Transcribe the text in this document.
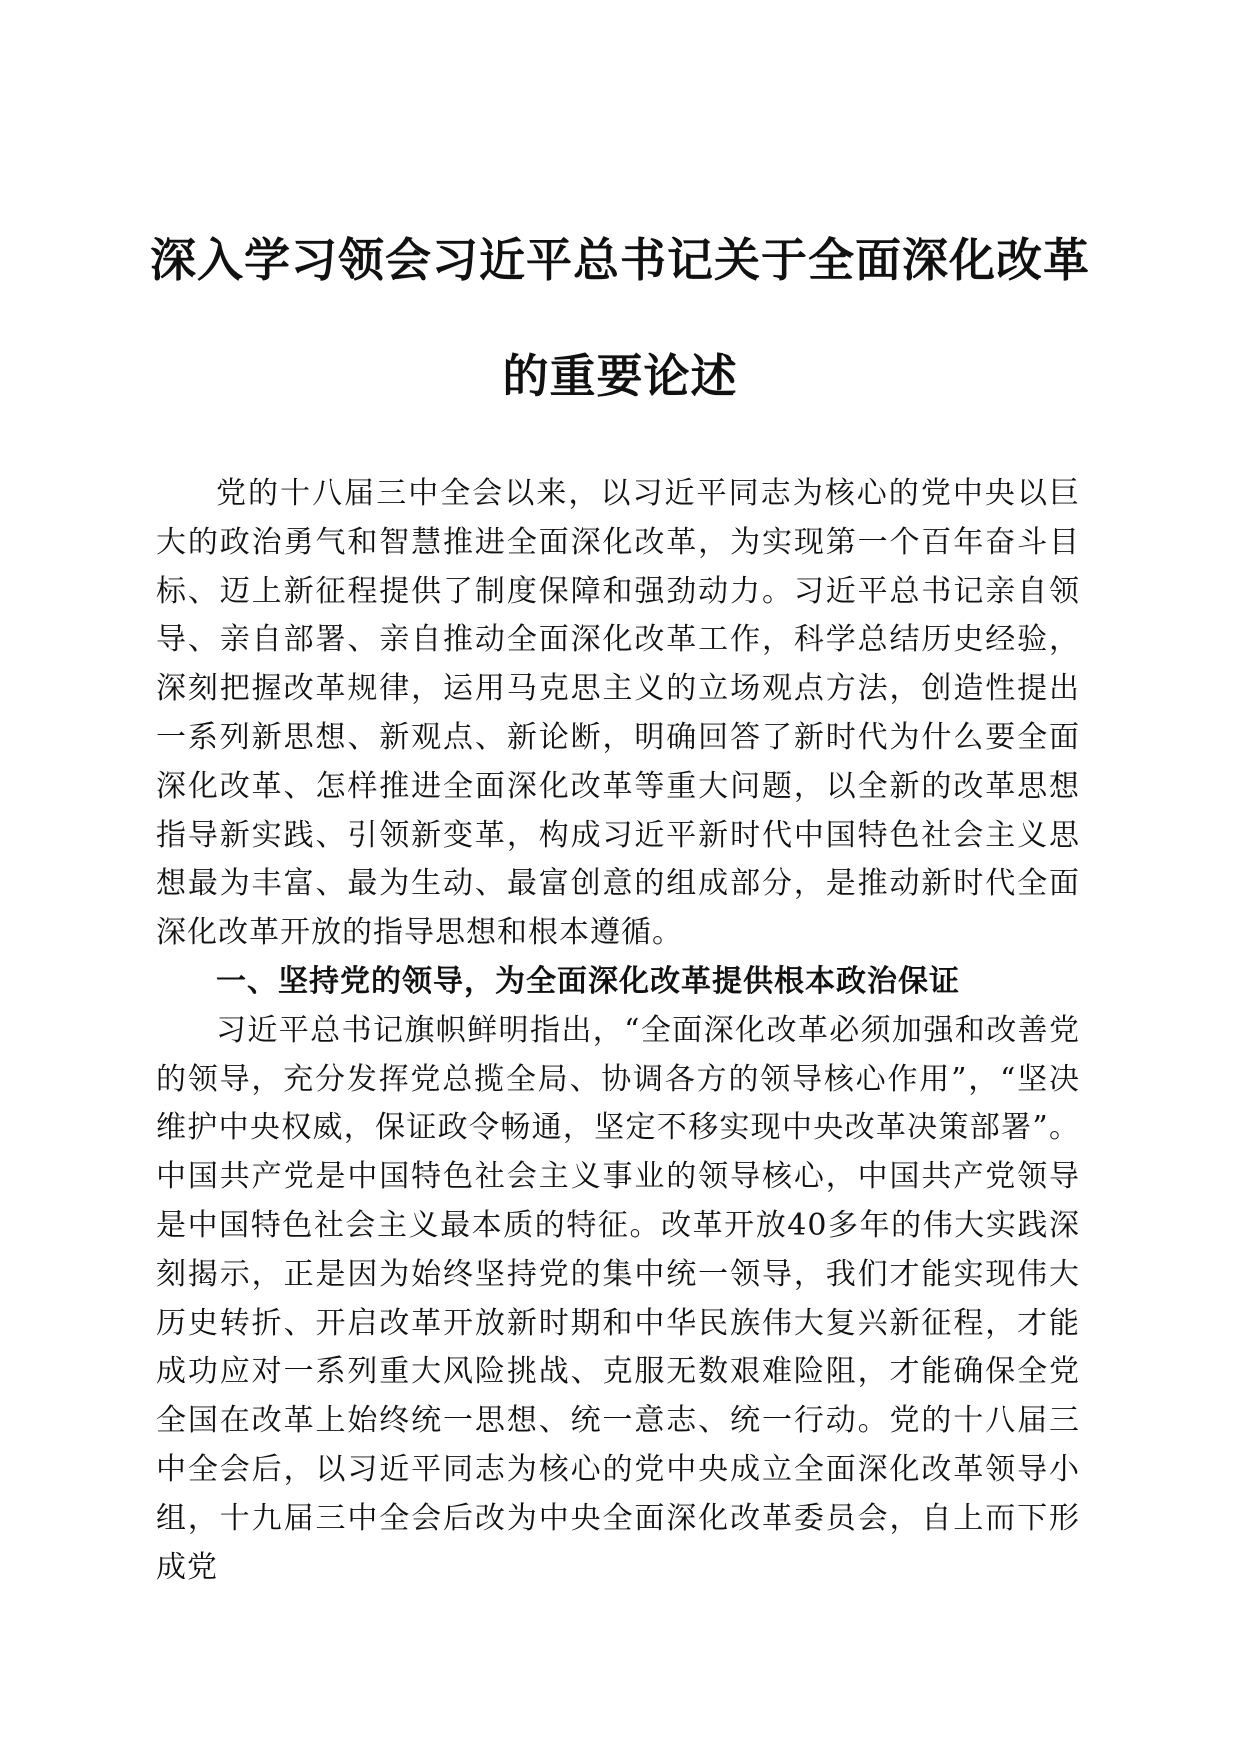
深入学习领会习近平总书记关于全面深化改革
的重要论述

党的十八届三中全会以来，以习近平同志为核心的党中央以巨大的政治勇气和智慧推进全面深化改革，为实现第一个百年奋斗目标、迈上新征程提供了制度保障和强劲动力。习近平总书记亲自领导、亲自部署、亲自推动全面深化改革工作，科学总结历史经验，深刻把握改革规律，运用马克思主义的立场观点方法，创造性提出一系列新思想、新观点、新论断，明确回答了新时代为什么要全面深化改革、怎样推进全面深化改革等重大问题，以全新的改革思想指导新实践、引领新变革，构成习近平新时代中国特色社会主义思想最为丰富、最为生动、最富创意的组成部分，是推动新时代全面深化改革开放的指导思想和根本遵循。

一、坚持党的领导，为全面深化改革提供根本政治保证

习近平总书记旗帜鲜明指出，“全面深化改革必须加强和改善党的领导，充分发挥党总揽全局、协调各方的领导核心作用”，“坚决维护中央权威，保证政令畅通，坚定不移实现中央改革决策部署”。中国共产党是中国特色社会主义事业的领导核心，中国共产党领导是中国特色社会主义最本质的特征。改革开放40多年的伟大实践深刻揭示，正是因为始终坚持党的集中统一领导，我们才能实现伟大历史转折、开启改革开放新时期和中华民族伟大复兴新征程，才能成功应对一系列重大风险挑战、克服无数艰难险阻，才能确保全党全国在改革上始终统一思想、统一意志、统一行动。党的十八届三中全会后，以习近平同志为核心的党中央成立全面深化改革领导小组，十九届三中全会后改为中央全面深化改革委员会，自上而下形成党
